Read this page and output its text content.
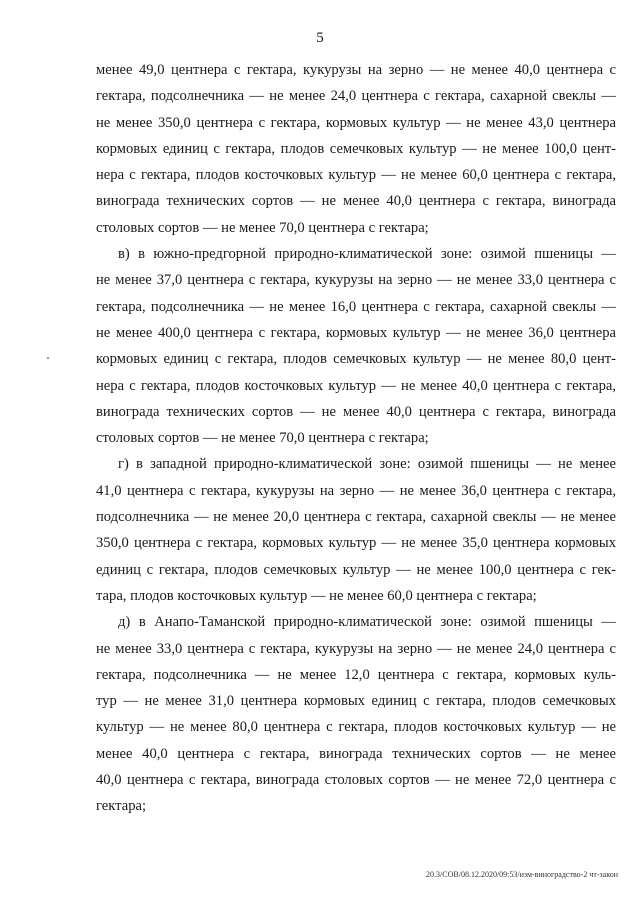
5
менее 49,0 центнера с гектара, кукурузы на зерно — не менее 40,0 центнера с
гектара, подсолнечника — не менее 24,0 центнера с гектара, сахарной свеклы —
не менее 350,0 центнера с гектара, кормовых культур — не менее 43,0 центнера
кормовых единиц с гектара, плодов семечковых культур — не менее 100,0 цент-
нера с гектара, плодов косточковых культур — не менее 60,0 центнера с гектара,
винограда технических сортов — не менее 40,0 центнера с гектара, винограда
столовых сортов — не менее 70,0 центнера с гектара;
в) в южно-предгорной природно-климатической зоне: озимой пшеницы —
не менее 37,0 центнера с гектара, кукурузы на зерно — не менее 33,0 центнера с
гектара, подсолнечника — не менее 16,0 центнера с гектара, сахарной свеклы —
не менее 400,0 центнера с гектара, кормовых культур — не менее 36,0 центнера
кормовых единиц с гектара, плодов семечковых культур — не менее 80,0 цент-
нера с гектара, плодов косточковых культур — не менее 40,0 центнера с гектара,
винограда технических сортов — не менее 40,0 центнера с гектара, винограда
столовых сортов — не менее 70,0 центнера с гектара;
г) в западной природно-климатической зоне: озимой пшеницы — не менее
41,0 центнера с гектара, кукурузы на зерно — не менее 36,0 центнера с гектара,
подсолнечника — не менее 20,0 центнера с гектара, сахарной свеклы — не менее
350,0 центнера с гектара, кормовых культур — не менее 35,0 центнера кормовых
единиц с гектара, плодов семечковых культур — не менее 100,0 центнера с гек-
тара, плодов косточковых культур — не менее 60,0 центнера с гектара;
д) в Анапо-Таманской природно-климатической зоне: озимой пшеницы —
не менее 33,0 центнера с гектара, кукурузы на зерно — не менее 24,0 центнера с
гектара, подсолнечника — не менее 12,0 центнера с гектара, кормовых куль-
тур — не менее 31,0 центнера кормовых единиц с гектара, плодов семечковых
культур — не менее 80,0 центнера с гектара, плодов косточковых культур — не
менее 40,0 центнера с гектара, винограда технических сортов — не менее
40,0 центнера с гектара, винограда столовых сортов — не менее 72,0 центнера с
гектара;
20.3/СОВ/08.12.2020/09:53/изм-виноградство-2 чт-закон
